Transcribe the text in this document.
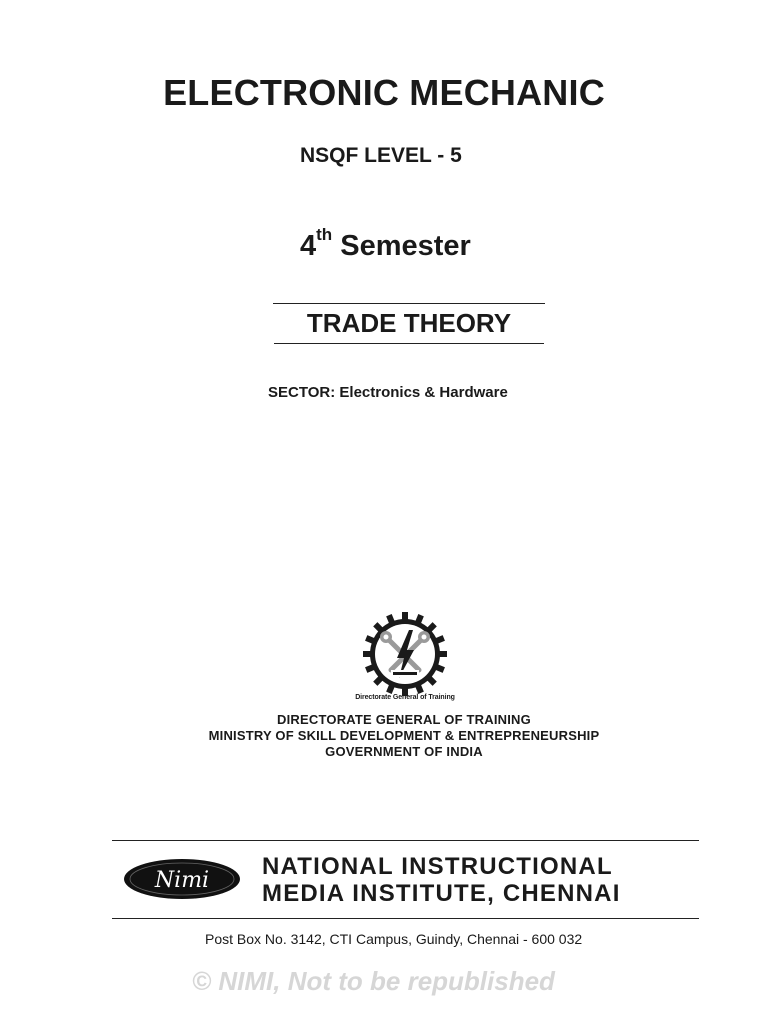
ELECTRONIC MECHANIC
NSQF LEVEL - 5
4th Semester
TRADE THEORY
SECTOR: Electronics & Hardware
Directorate General of Training
DIRECTORATE GENERAL OF TRAINING
MINISTRY OF SKILL DEVELOPMENT & ENTREPRENEURSHIP
GOVERNMENT OF INDIA
Nimi
NATIONAL INSTRUCTIONAL
MEDIA INSTITUTE, CHENNAI
Post Box No. 3142, CTI Campus, Guindy, Chennai - 600 032
© NIMI, Not to be republished
